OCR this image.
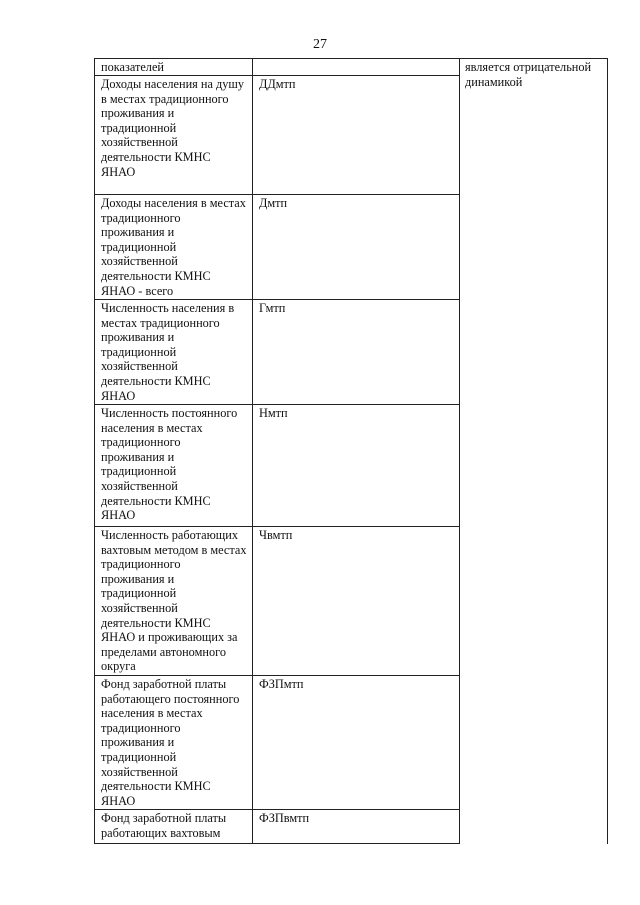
27
показателей		является отрицательной динамикой
Доходы населения на душу в местах традиционного проживания и традиционной хозяйственной деятельности КМНС ЯНАО	ДДмтп	
Доходы населения в местах традиционного проживания и традиционной хозяйственной деятельности КМНС ЯНАО - всего	Дмтп	
Численность населения в местах традиционного проживания и традиционной хозяйственной деятельности КМНС ЯНАО	Гмтп	
Численность постоянного населения в местах традиционного проживания и традиционной хозяйственной деятельности КМНС ЯНАО	Нмтп	
Численность работающих вахтовым методом в местах традиционного проживания и традиционной хозяйственной деятельности КМНС ЯНАО и проживающих за пределами автономного округа	Чвмтп	
Фонд заработной платы работающего постоянного населения в местах традиционного проживания и традиционной хозяйственной деятельности КМНС ЯНАО	ФЗПмтп	
Фонд заработной платы работающих вахтовым	ФЗПвмтп	
